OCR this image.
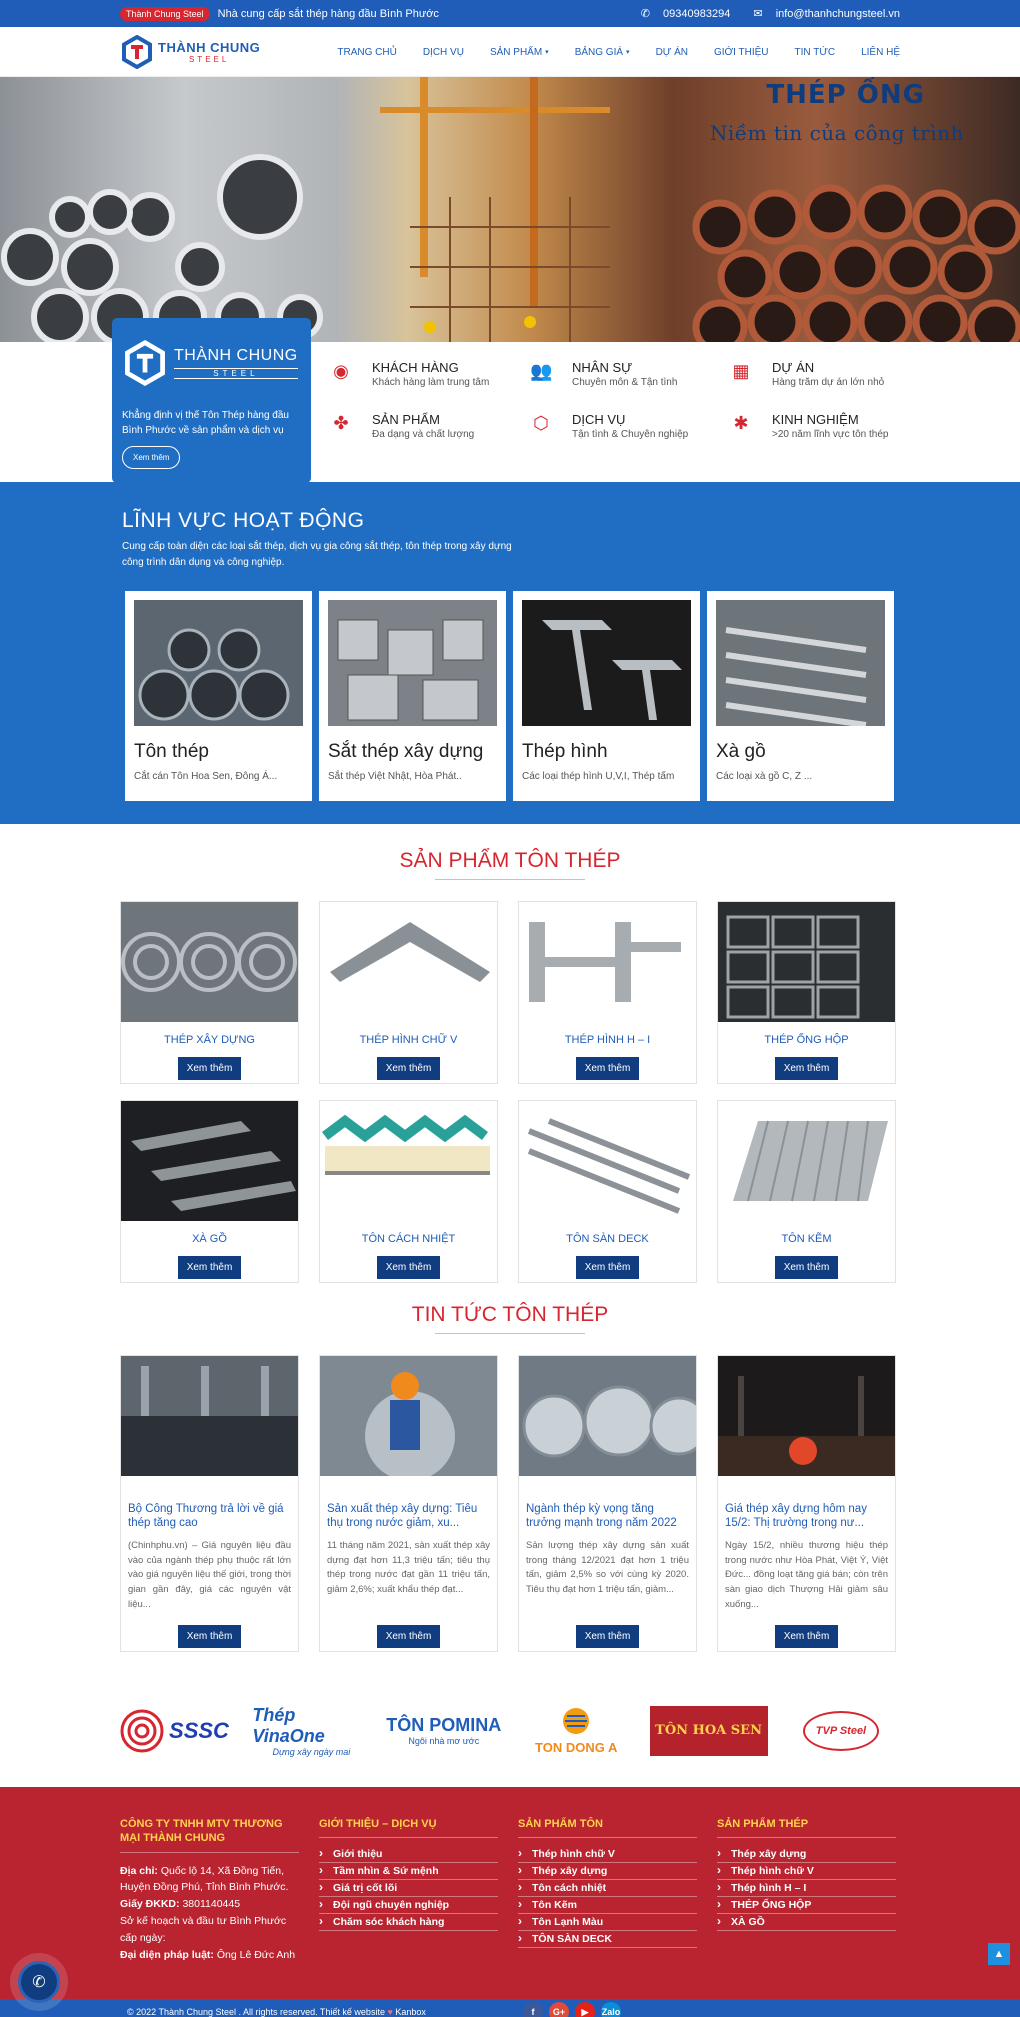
Thành Chung Steel Nhà cung cấp sắt thép hàng đầu Bình Phước	✆ 09340983294 ✉ info@thanhchungsteel.vn
THÀNH CHUNG
STEEL
TRANG CHỦ	DỊCH VỤ	SẢN PHẨM ▾	BẢNG GIÁ ▾	DỰ ÁN	GIỚI THIỆU	TIN TỨC	LIÊN HỆ
THÉP ỐNG
Niềm tin của công trình
THÀNH CHUNG
STEEL

Khẳng định vị thế Tôn Thép hàng đầu Bình Phước về sản phẩm và dịch vụ

Xem thêm
◉ KHÁCH HÀNG
Khách hàng làm trung tâm
👥 NHÂN SỰ
Chuyên môn & Tận tình
▦ DỰ ÁN
Hàng trăm dự án lớn nhỏ
✤ SẢN PHẨM
Đa dạng và chất lượng
⬡ DỊCH VỤ
Tận tình & Chuyên nghiệp
✱ KINH NGHIỆM
>20 năm lĩnh vực tôn thép
LĨNH VỰC HOẠT ĐỘNG
Cung cấp toàn diện các loại sắt thép, dịch vụ gia công sắt thép, tôn thép trong xây dựng công trình dân dụng và công nghiệp.
Tôn thép
Cắt cán Tôn Hoa Sen, Đông Á...
Sắt thép xây dựng
Sắt thép Việt Nhật, Hòa Phát..
Thép hình
Các loại thép hình U,V,I, Thép tấm
Xà gồ
Các loại xà gồ C, Z ...
SẢN PHẨM TÔN THÉP
THÉP XÂY DỰNG
Xem thêm
THÉP HÌNH CHỮ V
Xem thêm
THÉP HÌNH H – I
Xem thêm
THÉP ỐNG HỘP
Xem thêm
XÀ GỒ
Xem thêm
TÔN CÁCH NHIỆT
Xem thêm
TÔN SÀN DECK
Xem thêm
TÔN KẼM
Xem thêm
TIN TỨC TÔN THÉP
Bộ Công Thương trả lời về giá thép tăng cao
(Chinhphu.vn) – Giá nguyên liệu đầu vào của ngành thép phụ thuộc rất lớn vào giá nguyên liệu thế giới, trong thời gian gần đây, giá các nguyên vật liệu...
Xem thêm
Sản xuất thép xây dựng: Tiêu thụ trong nước giảm, xu...
11 tháng năm 2021, sản xuất thép xây dựng đạt hơn 11,3 triệu tấn; tiêu thụ thép trong nước đạt gần 11 triệu tấn, giảm 2,6%; xuất khẩu thép đạt...
Xem thêm
Ngành thép kỳ vọng tăng trưởng mạnh trong năm 2022
Sản lượng thép xây dựng sản xuất trong tháng 12/2021 đạt hơn 1 triệu tấn, giảm 2,5% so với cùng kỳ 2020. Tiêu thụ đạt hơn 1 triệu tấn, giảm...
Xem thêm
Giá thép xây dựng hôm nay 15/2: Thị trường trong nư...
Ngày 15/2, nhiều thương hiệu thép trong nước như Hòa Phát, Việt Ý, Việt Đức... đồng loạt tăng giá bán; còn trên sàn giao dịch Thượng Hải giảm sâu xuống...
Xem thêm
SSSC
Thép VinaOne
Dựng xây ngày mai
TÔN POMINA
Ngôi nhà mơ ước	TON DONG A
TÔN HOA SEN	TVP Steel
CÔNG TY TNHH MTV THƯƠNG MẠI THÀNH CHUNG
Địa chỉ: Quốc lộ 14, Xã Đồng Tiến, Huyện Đồng Phú, Tỉnh Bình Phước.
Giấy ĐKKD: 3801140445
Sở kế hoạch và đầu tư Bình Phước cấp ngày:
Đại diện pháp luật: Ông Lê Đức Anh
GIỚI THIỆU – DỊCH VỤ
› Giới thiệu
› Tầm nhìn & Sứ mệnh
› Giá trị cốt lõi
› Đội ngũ chuyên nghiệp
› Chăm sóc khách hàng
SẢN PHẨM TÔN
› Thép hình chữ V
› Thép xây dựng
› Tôn cách nhiệt
› Tôn Kẽm
› Tôn Lạnh Màu
› TÔN SÀN DECK
SẢN PHẨM THÉP
› Thép xây dựng
› Thép hình chữ V
› Thép hình H – I
› THÉP ỐNG HỘP
› XÀ GỒ
▲
© 2022 Thành Chung Steel . All rights reserved. Thiết kế website ♥ Kanbox	f	G+	▶	Zalo
✆
